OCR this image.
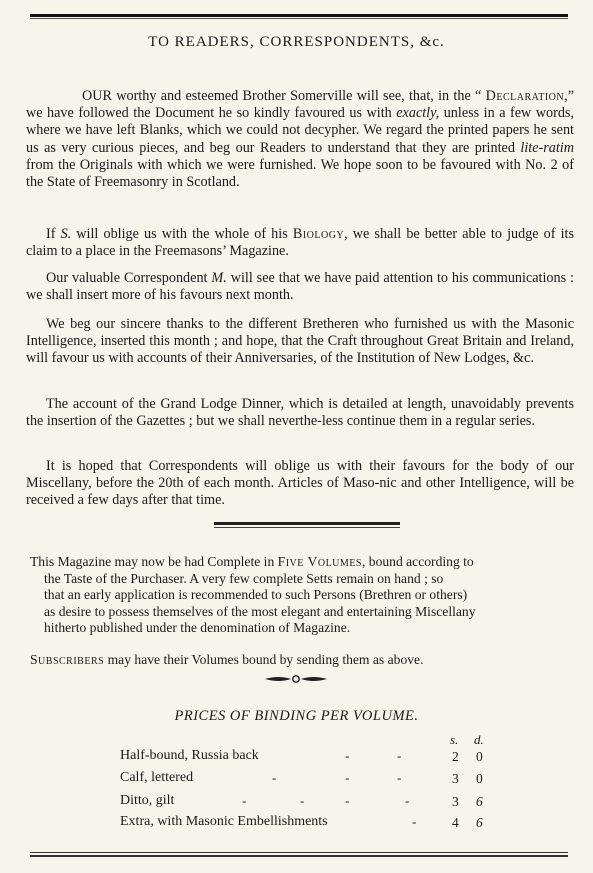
TO READERS, CORRESPONDENTS, &c.
OUR worthy and esteemed Brother Somerville will see, that, in the “ Declaration,” we have followed the Document he so kindly favoured us with exactly, unless in a few words, where we have left Blanks, which we could not decypher. We regard the printed papers he sent us as very curious pieces, and beg our Readers to understand that they are printed lite-ratim from the Originals with which we were furnished. We hope soon to be favoured with No. 2 of the State of Freemasonry in Scotland.
If S. will oblige us with the whole of his Biology, we shall be better able to judge of its claim to a place in the Freemasons’ Magazine.
Our valuable Correspondent M. will see that we have paid attention to his communications : we shall insert more of his favours next month.
We beg our sincere thanks to the different Bretheren who furnished us with the Masonic Intelligence, inserted this month ; and hope, that the Craft throughout Great Britain and Ireland, will favour us with accounts of their Anniversaries, of the Institution of New Lodges, &c.
The account of the Grand Lodge Dinner, which is detailed at length, unavoidably prevents the insertion of the Gazettes ; but we shall neverthe-less continue them in a regular series.
It is hoped that Correspondents will oblige us with their favours for the body of our Miscellany, before the 20th of each month. Articles of Maso-nic and other Intelligence, will be received a few days after that time.
This Magazine may now be had Complete in Five Volumes, bound according to
the Taste of the Purchaser. A very few complete Setts remain on hand ; so
that an early application is recommended to such Persons (Brethren or others)
as desire to possess themselves of the most elegant and entertaining Miscellany
hitherto published under the denomination of Magazine.
Subscribers may have their Volumes bound by sending them as above.
PRICES OF BINDING PER VOLUME.
s. d.
Half-bound, Russia back	-	-	2 0
Calf, lettered	-	-	-	3 0
Ditto, gilt	-	-	-	-	3 6
Extra, with Masonic Embellishments	-	4 6
